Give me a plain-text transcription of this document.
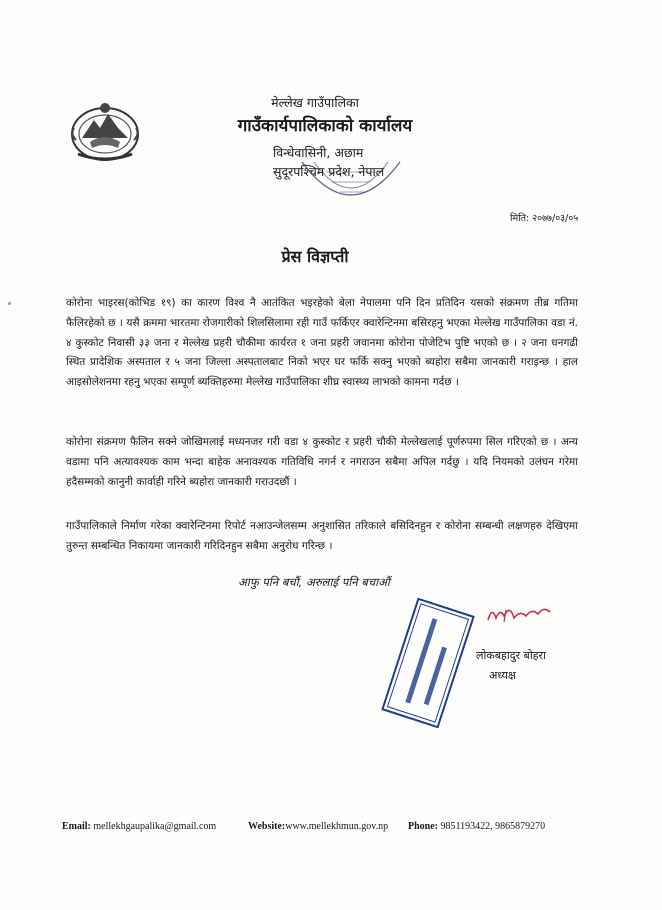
मेल्लेख गाउँपालिका
गाउँकार्यपालिकाको कार्यालय
विन्धेवासिनी, अछाम
सुदूरपश्चिम प्रदेश, नेपाल
मिति: २०७७/०३/०५
प्रेस विज्ञप्ती
कोरोना भाइरस(कोभिड १९) का कारण विश्व नै आतंकित भइरहेको बेला नेपालमा पनि दिन प्रतिदिन यसको संक्रमण तीब्र गतिमा फैलिरहेको छ । यसै क्रममा भारतमा रोजगारीको शिलसिलामा रही गाउँ फर्किएर क्वारेन्टिनमा बसिरहनु भएका मेल्लेख गाउँपालिका वडा नं. ४ कुस्कोट निवासी ३३ जना र मेल्लेख प्रहरी चौकीमा कार्यरत १ जना प्रहरी जवानमा कोरोना पोजेटिभ पुष्टि भएको छ । २ जना धनगढी स्थित प्रादेशिक अस्पताल र ५ जना जिल्ला अस्पतालबाट निको भएर घर फर्कि सक्नु भएको ब्यहोरा सबैमा जानकारी गराइन्छ । हाल आइसोलेशनमा रहनु भएका सम्पूर्ण ब्यक्तिहरुमा मेल्लेख गाउँपालिका शीघ्र स्वास्थ्य लाभको कामना गर्दछ ।
कोरोना संक्रमण फैलिन सक्ने जोखिमलाई मध्यनजर गरी वडा ४ कुस्कोट र प्रहरी चौकी मेल्लेखलाई पूर्णरुपमा सिल गरिएको छ । अन्य वडामा पनि अत्यावश्यक काम भन्दा बाहेक अनावश्यक गतिविधि नगर्न र नगराउन सबैमा अपिल गर्दछु । यदि नियमको उलंघन गरेमा हदैसम्मको कानुनी कार्वाही गरिने ब्यहोरा जानकारी गराउदछौं ।
गाउँपालिकाले निर्माण गरेका क्वारेन्टिनमा रिपोर्ट नआउन्जेलसम्म अनुशासित तरिकाले बसिदिनहुन र कोरोना सम्बन्धी लक्षणहरु देखिएमा तुरुन्त सम्बन्धित निकायमा जानकारी गरिदिनहुन सबैमा अनुरोध गरिन्छ ।
आफु पनि बचौं, अरुलाई पनि बचाऔं
लोकबहादुर बोहरा
अध्यक्ष
Email: mellekhgaupalika@gmail.com	Website:www.mellekhmun.gov.np Phone: 9851193422, 9865879270
